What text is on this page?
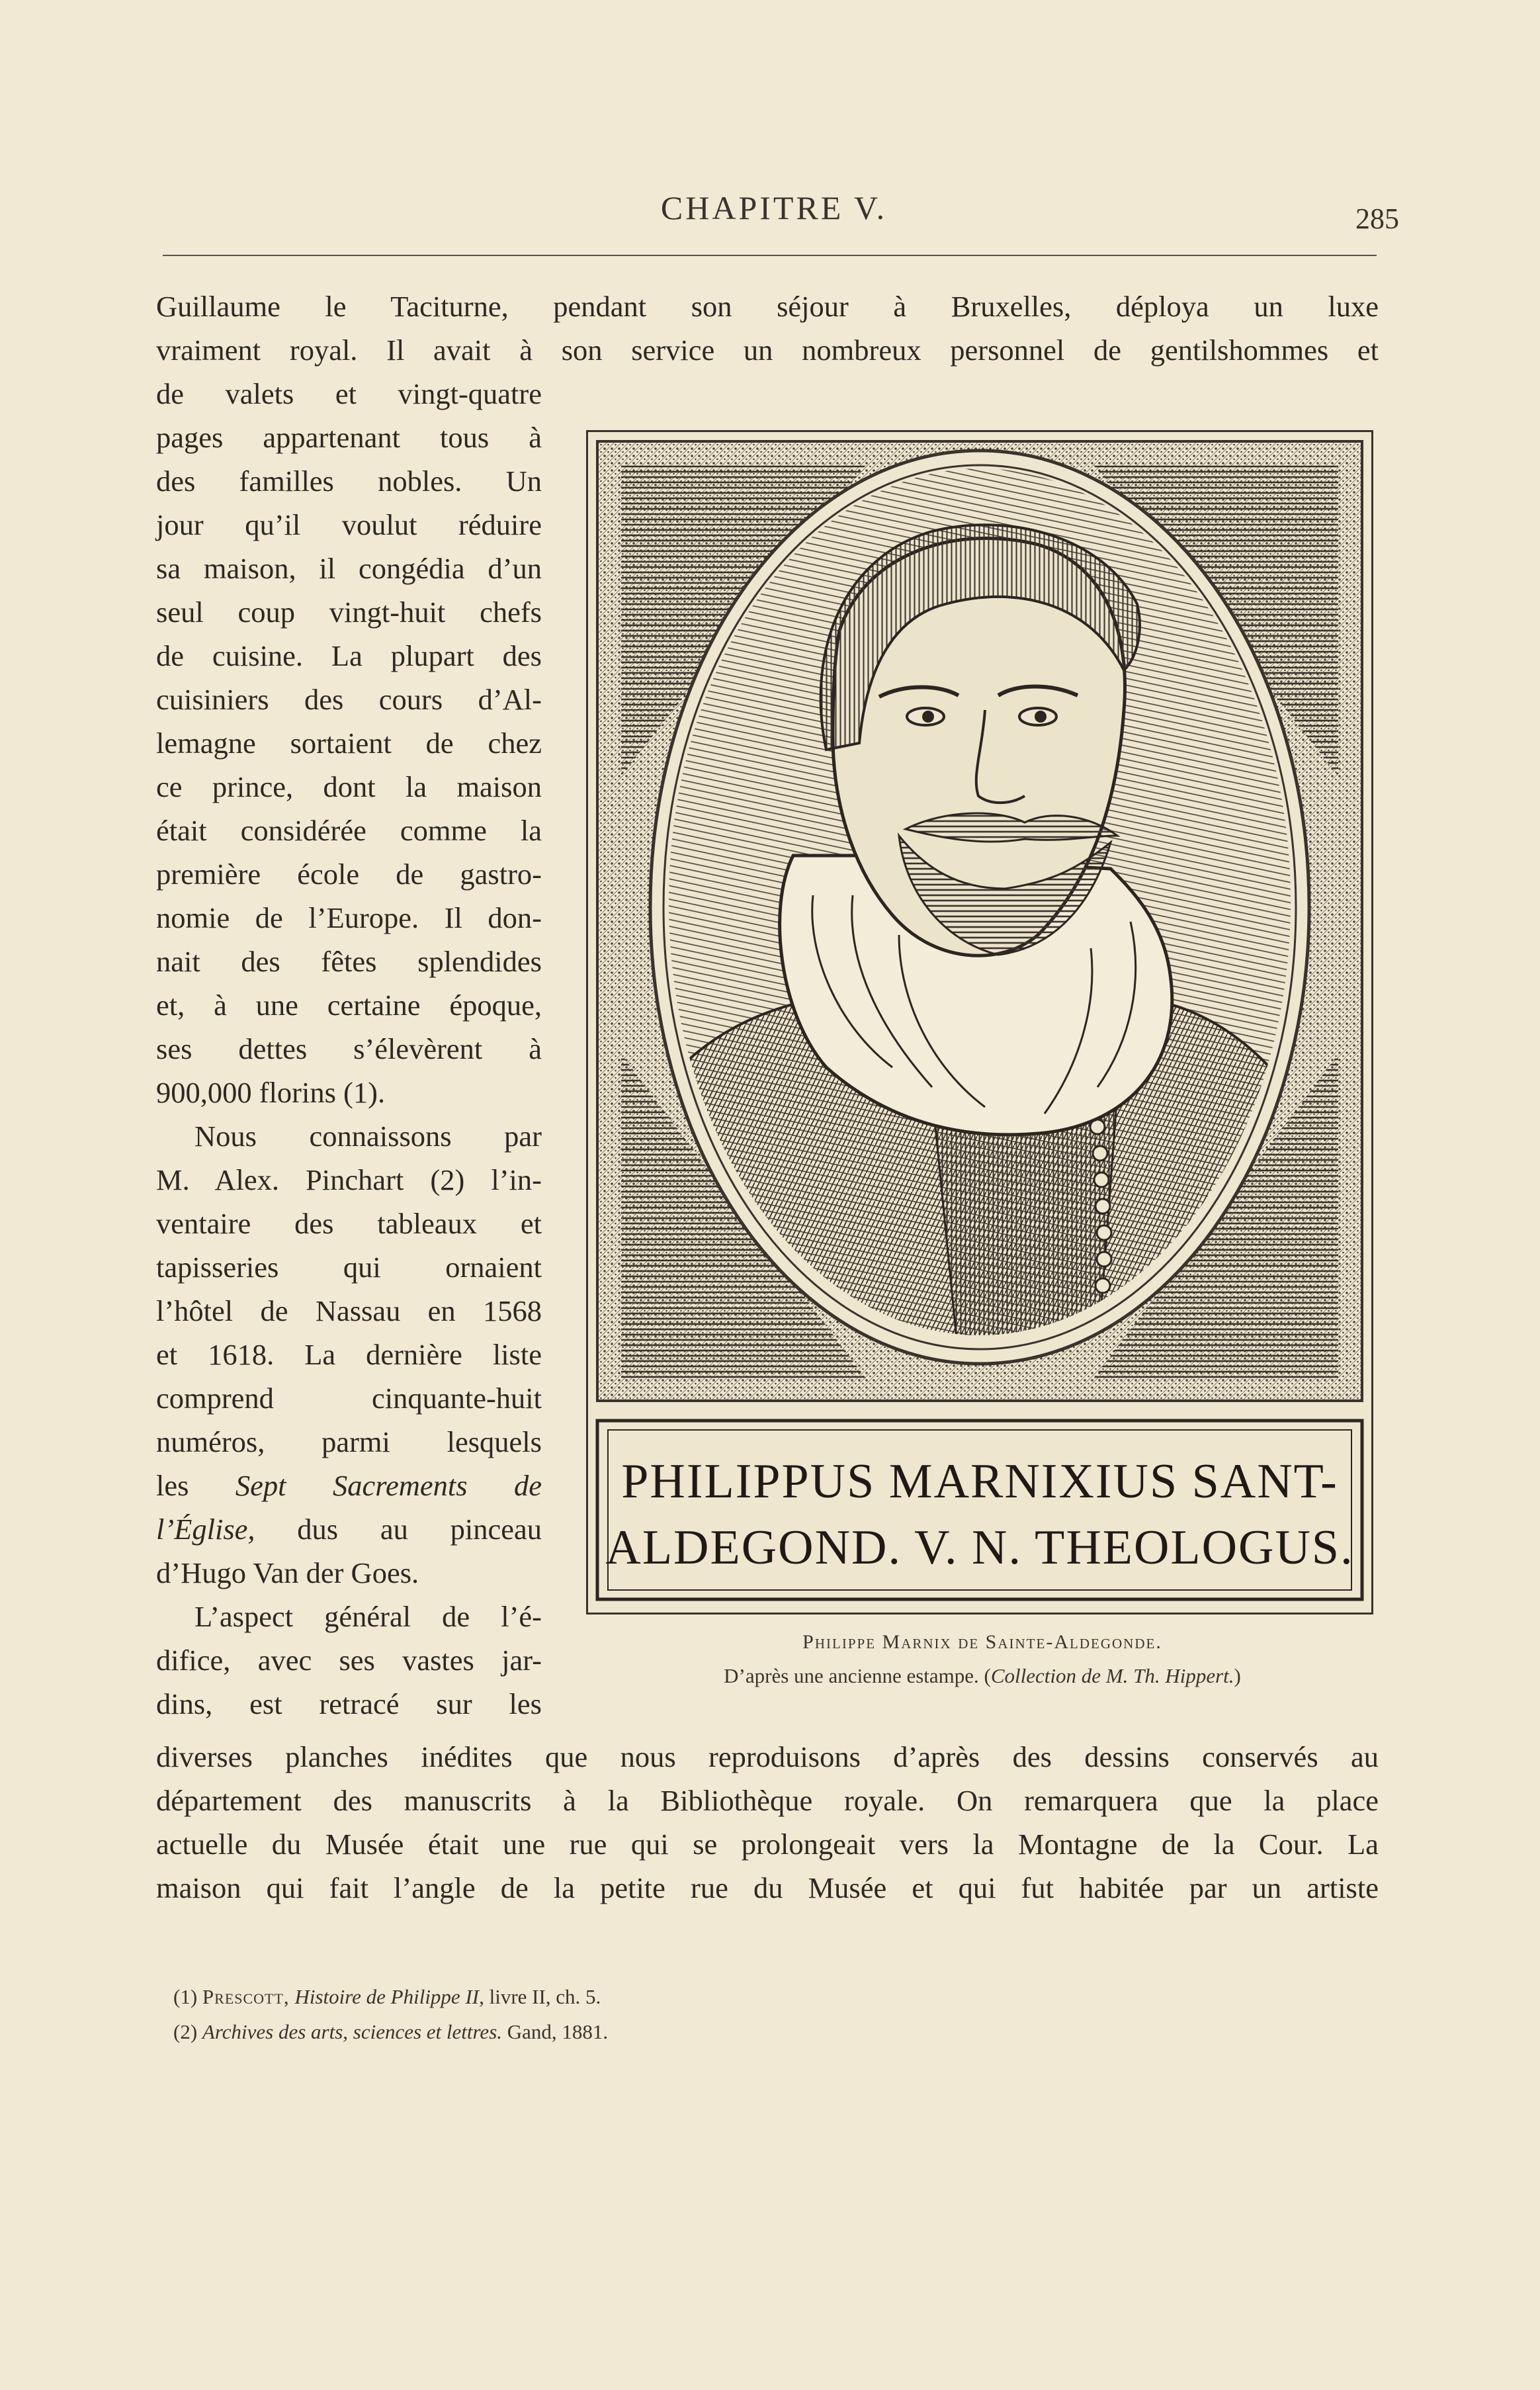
CHAPITRE V.	285
Guillaume le Taciturne, pendant son séjour à Bruxelles, déploya un luxe
vraiment royal. Il avait à son service un nombreux personnel de gentilshommes et
de valets et vingt-quatre
pages appartenant tous à
des familles nobles. Un
jour qu’il voulut réduire
sa maison, il congédia d’un
seul coup vingt-huit chefs
de cuisine. La plupart des
cuisiniers des cours d’Al-
lemagne sortaient de chez
ce prince, dont la maison
était considérée comme la
première école de gastro-
nomie de l’Europe. Il don-
nait des fêtes splendides
et, à une certaine époque,
ses dettes s’élevèrent à
900,000 florins (1).
Nous connaissons par
M. Alex. Pinchart (2) l’in-
ventaire des tableaux et
tapisseries qui ornaient
l’hôtel de Nassau en 1568
et 1618. La dernière liste
comprend cinquante-huit
numéros, parmi lesquels
les Sept Sacrements de
l’Église, dus au pinceau
d’Hugo Van der Goes.
L’aspect général de l’é-
difice, avec ses vastes jar-
dins, est retracé sur les
diverses planches inédites que nous reproduisons d’après des dessins conservés au
département des manuscrits à la Bibliothèque royale. On remarquera que la place
actuelle du Musée était une rue qui se prolongeait vers la Montagne de la Cour. La
maison qui fait l’angle de la petite rue du Musée et qui fut habitée par un artiste
PHILIPPUS MARNIXIUS SANT-
ALDEGOND. V. N. THEOLOGUS.
Philippe Marnix de Sainte-Aldegonde.
D’après une ancienne estampe. (Collection de M. Th. Hippert.)
(1) Prescott, Histoire de Philippe II, livre II, ch. 5.
(2) Archives des arts, sciences et lettres. Gand, 1881.
